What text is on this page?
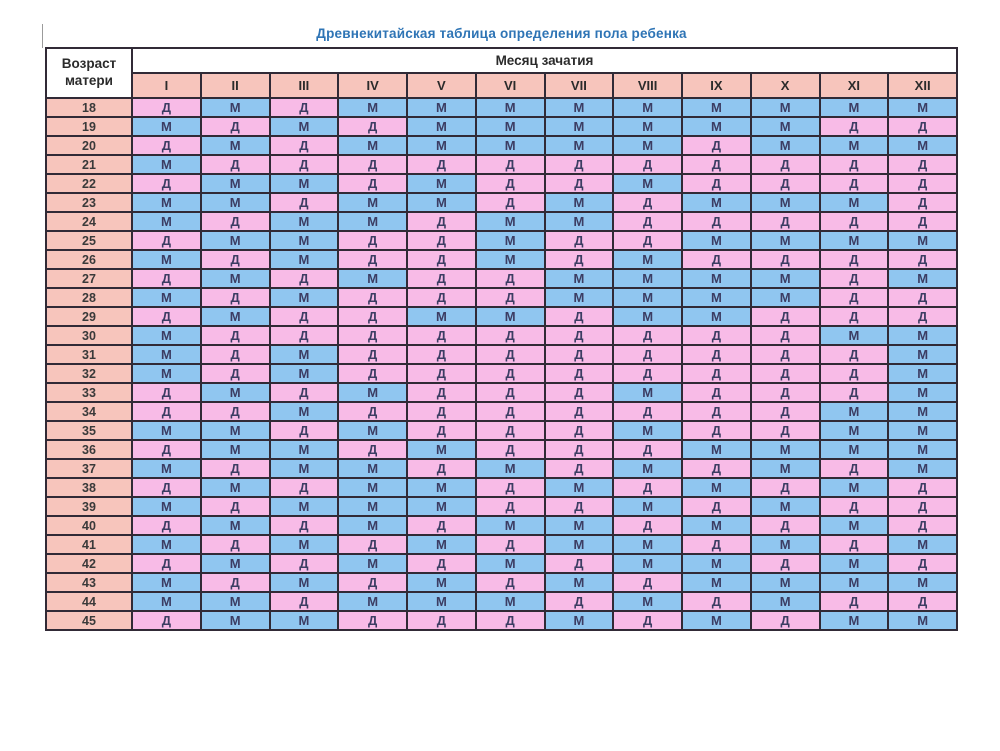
Древнекитайская таблица определения пола ребенка
Возраст
матери	Месяц зачатия											
	I	II	III	IV	V	VI	VII	VIII	IX	X	XI	XII
18	Д	М	Д	М	М	М	М	М	М	М	М	М
19	М	Д	М	Д	М	М	М	М	М	М	Д	Д
20	Д	М	Д	М	М	М	М	М	Д	М	М	М
21	М	Д	Д	Д	Д	Д	Д	Д	Д	Д	Д	Д
22	Д	М	М	Д	М	Д	Д	М	Д	Д	Д	Д
23	М	М	Д	М	М	Д	М	Д	М	М	М	Д
24	М	Д	М	М	Д	М	М	Д	Д	Д	Д	Д
25	Д	М	М	Д	Д	М	Д	Д	М	М	М	М
26	М	Д	М	Д	Д	М	Д	М	Д	Д	Д	Д
27	Д	М	Д	М	Д	Д	М	М	М	М	Д	М
28	М	Д	М	Д	Д	Д	М	М	М	М	Д	Д
29	Д	М	Д	Д	М	М	Д	М	М	Д	Д	Д
30	М	Д	Д	Д	Д	Д	Д	Д	Д	Д	М	М
31	М	Д	М	Д	Д	Д	Д	Д	Д	Д	Д	М
32	М	Д	М	Д	Д	Д	Д	Д	Д	Д	Д	М
33	Д	М	Д	М	Д	Д	Д	М	Д	Д	Д	М
34	Д	Д	М	Д	Д	Д	Д	Д	Д	Д	М	М
35	М	М	Д	М	Д	Д	Д	М	Д	Д	М	М
36	Д	М	М	Д	М	Д	Д	Д	М	М	М	М
37	М	Д	М	М	Д	М	Д	М	Д	М	Д	М
38	Д	М	Д	М	М	Д	М	Д	М	Д	М	Д
39	М	Д	М	М	М	Д	Д	М	Д	М	Д	Д
40	Д	М	Д	М	Д	М	М	Д	М	Д	М	Д
41	М	Д	М	Д	М	Д	М	М	Д	М	Д	М
42	Д	М	Д	М	Д	М	Д	М	М	Д	М	Д
43	М	Д	М	Д	М	Д	М	Д	М	М	М	М
44	М	М	Д	М	М	М	Д	М	Д	М	Д	Д
45	Д	М	М	Д	Д	Д	М	Д	М	Д	М	М
